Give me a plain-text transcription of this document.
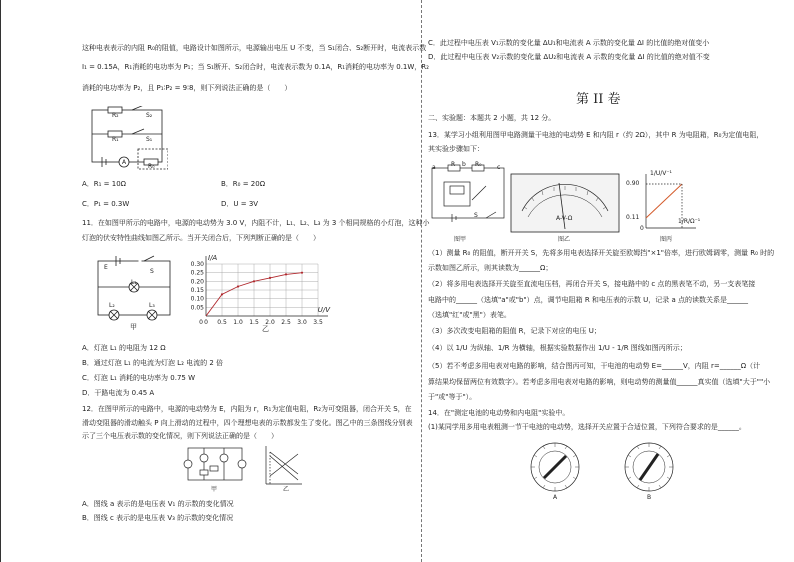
这种电表表示的内阻 R₀的阻值，电路设计如图所示，电源输出电压 U 不变，当 S₁闭合、S₂断开时，电流表示数
I₁ = 0.15A，R₁消耗的电功率为 P₁；当 S₁断开、S₂闭合时，电流表示数为 0.1A，R₁消耗的电功率为 0.1W，R₂
消耗的电功率为 P₂，且 P₁∶P₂ = 9∶8，则下列说法正确的是（　　）
R₂
R₁
S₂
S₁
A
R₀
A．R₁ = 10Ω	B．R₀ = 20Ω
C．P₁ = 0.3W	D．U = 3V
11．在如图甲所示的电路中，电源的电动势为 3.0 V，内阻不计，L₁、L₂、L₃ 为 3 个相同规格的小灯泡，这种小
灯泡的伏安特性曲线如图乙所示。当开关闭合后，下列判断正确的是（　　）
E
S
L₁
L₂	L₃
甲
0 0.5 1.0 1.5 2.0 2.5 3.0 3.5
0.05
0.10
0.15
0.20
0.25
0.30
0
U/V
I/A
乙
A．灯泡 L₁ 的电阻为 12 Ω
B．通过灯泡 L₁ 的电流为灯泡 L₂ 电流的 2 倍
C．灯泡 L₁ 消耗的电功率为 0.75 W
D．干路电流为 0.45 A
12．在图甲所示的电路中，电源的电动势为 E，内阻为 r，R₁为定值电阻，R₂为可变阻器，闭合开关 S，在
滑动变阻器的滑动触头 P 向上滑动的过程中，四个理想电表的示数都发生了变化。图乙中的三条图线分别表
示了三个电压表示数的变化情况，则下列说法正确的是（　　）
甲	乙
A．图线 a 表示的是电压表 V₁ 的示数的变化情况
B．图线 c 表示的是电压表 V₃ 的示数的变化情况
C．此过程中电压表 V₁示数的变化量 ΔU₁和电流表 A 示数的变化量 ΔI 的比值的绝对值变小
D．此过程中电压表 V₂示数的变化量 ΔU₂和电流表 A 示数的变化量 ΔI 的比值的绝对值不变
第 II 卷
二、实验题：本题共 2 小题，共 12 分。
13．某学习小组利用图甲电路测量干电池的电动势 E 和内阻 r（约 2Ω），其中 R 为电阻箱，R₀为定值电阻，
其实验步骤如下：
a	R b R₀	c
S
图甲
A-V-Ω
图乙
1/U/V⁻¹
0.90
0.11
0
1/R/Ω⁻¹
图丙
（1）测量 R₀ 的阻值，断开开关 S，先将多用电表选择开关旋至欧姆挡"×1"倍率，进行欧姆调零，测量 R₀ 时的
示数如图乙所示，则其读数为______Ω；
（2）将多用电表选择开关旋至直流电压档，再闭合开关 S，接电路中的 c 点的黑表笔不动，另一支表笔接
电路中的______（选填"a"或"b"）点，调节电阻箱 R 和电压表的示数 U，记录 a 点的读数关系是______
（选填"红"或"黑"）表笔。
（3）多次改变电阻箱的阻值 R，记录下对应的电压 U；
（4）以 1/U 为纵轴、1/R 为横轴，根据实验数据作出 1/U - 1/R 图线如图丙所示；
（5）若不考虑多用电表对电路的影响，结合图丙可知，干电池的电动势 E=______V，内阻 r=______Ω（计
算结果均保留两位有效数字）。若考虑多用电表对电路的影响，则电动势的测量值______真实值（选填"大于""小
于"或"等于"）。
14．在"测定电池的电动势和内电阻"实验中。
(1)某同学用多用电表粗测一节干电池的电动势，选择开关应置于合适位置，下列符合要求的是______。
A	B
